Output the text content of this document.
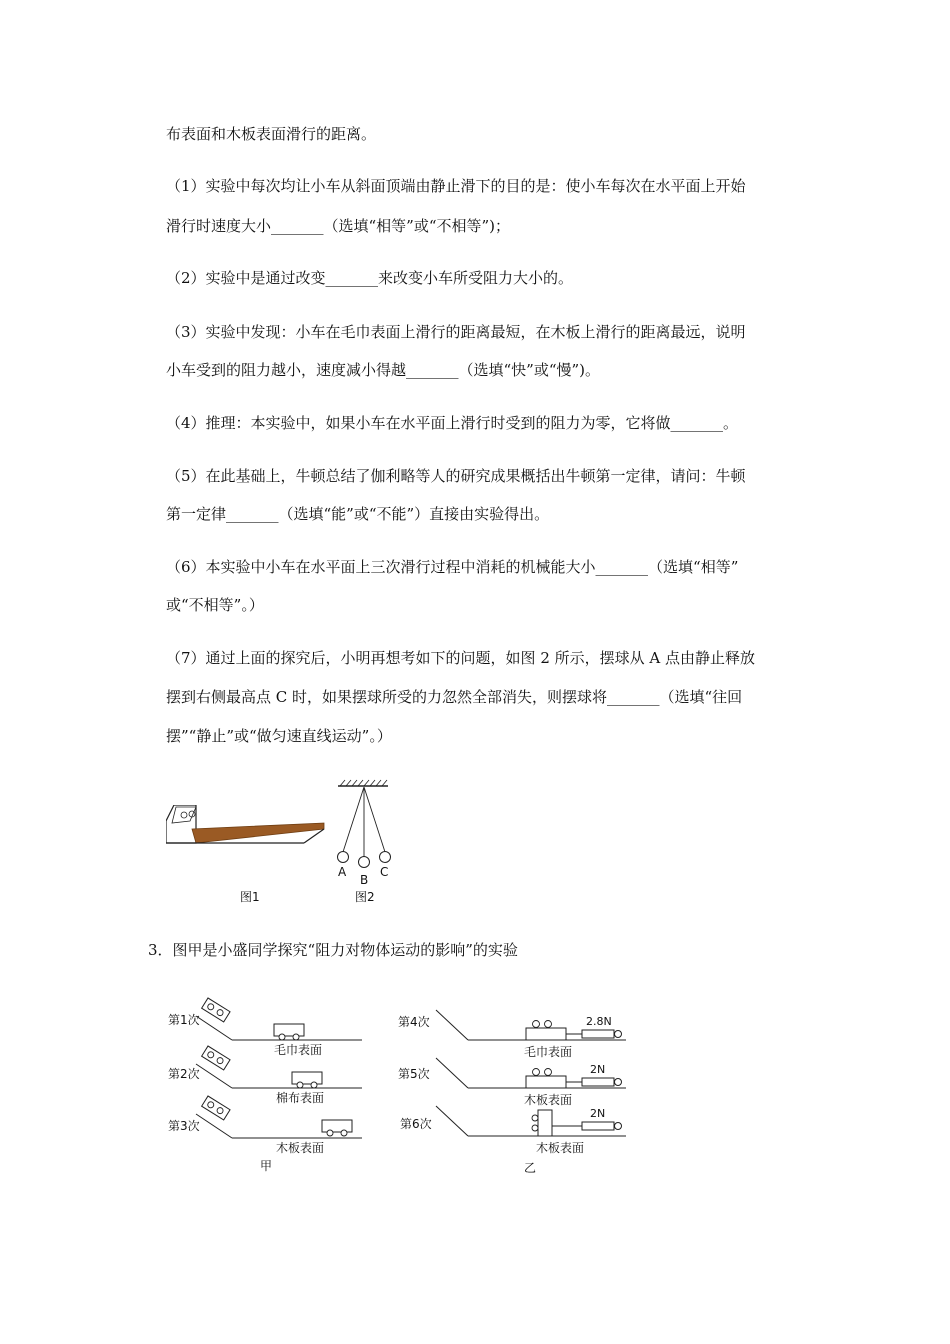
布表面和木板表面滑行的距离。

（1）实验中每次均让小车从斜面顶端由静止滑下的目的是：使小车每次在水平面上开始

滑行时速度大小_______（选填“相等”或“不相等”)；

（2）实验中是通过改变_______来改变小车所受阻力大小的。

（3）实验中发现：小车在毛巾表面上滑行的距离最短，在木板上滑行的距离最远，说明

小车受到的阻力越小，速度减小得越_______（选填“快”或“慢”)。

（4）推理：本实验中，如果小车在水平面上滑行时受到的阻力为零，它将做_______。

（5）在此基础上，牛顿总结了伽利略等人的研究成果概括出牛顿第一定律，请问：牛顿

第一定律_______（选填“能”或“不能”）直接由实验得出。

（6）本实验中小车在水平面上三次滑行过程中消耗的机械能大小_______（选填“相等”

或“不相等”。）

（7）通过上面的探究后，小明再想考如下的问题，如图 2 所示，摆球从 A 点由静止释放

摆到右侧最高点 C 时，如果摆球所受的力忽然全部消失，则摆球将_______（选填“往回

摆”“静止”或“做匀速直线运动”。）

图1
A
B
C
图2

3．图甲是小盛同学探究“阻力对物体运动的影响”的实验

第1次
毛巾表面
第2次
棉布表面
第3次
木板表面
甲
第4次	2.8N
毛巾表面
第5次	2N
木板表面
第6次
2N
木板表面
乙
